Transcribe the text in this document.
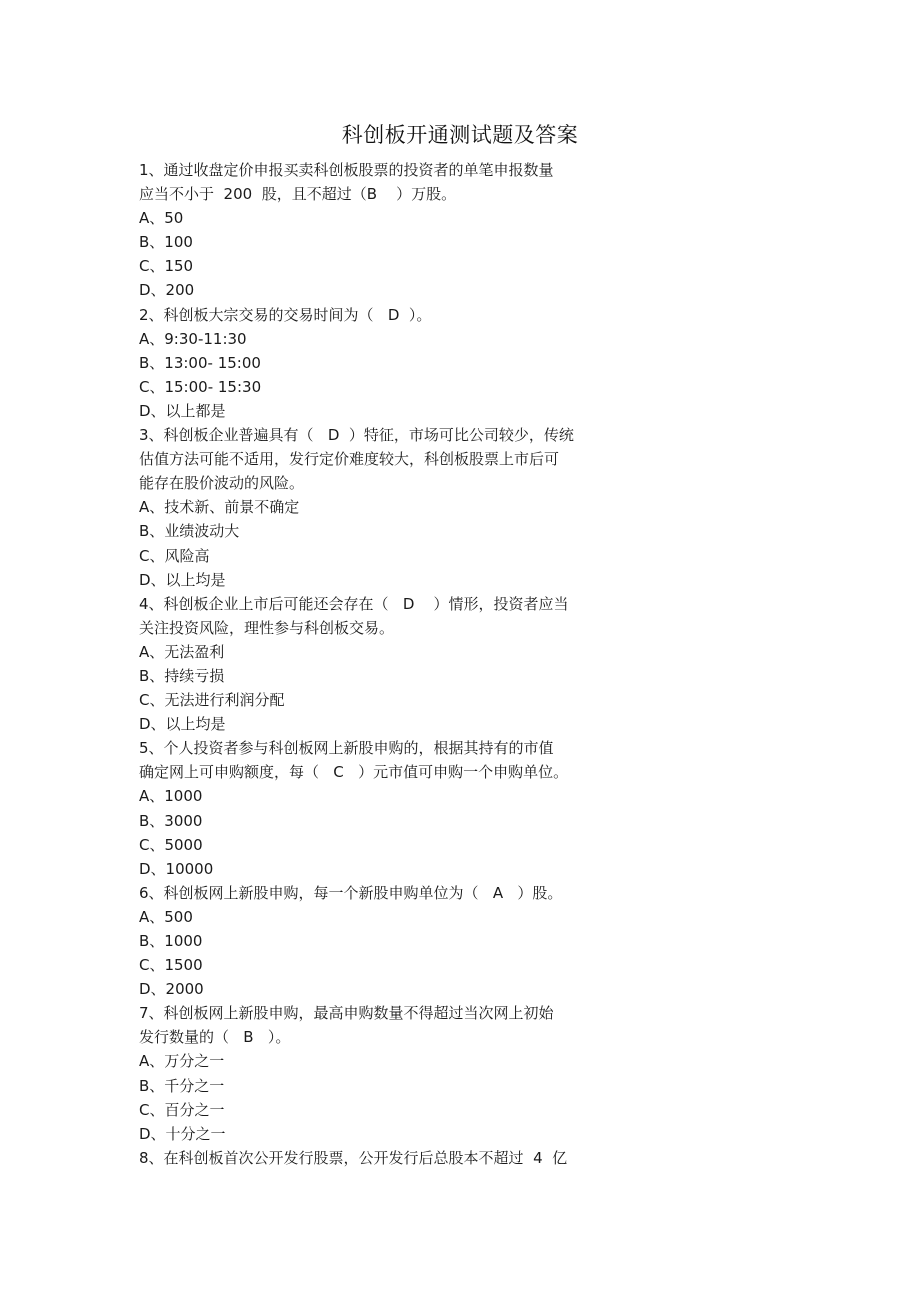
科创板开通测试题及答案
1、通过收盘定价申报买卖科创板股票的投资者的单笔申报数量
应当不小于  200  股，且不超过（B    ）万股。
A、50
B、100
C、150
D、200
2、科创板大宗交易的交易时间为（   D  ）。
A、9:30-11:30
B、13:00- 15:00
C、15:00- 15:30
D、以上都是
3、科创板企业普遍具有（   D  ）特征，市场可比公司较少，传统
估值方法可能不适用，发行定价难度较大，科创板股票上市后可
能存在股价波动的风险。
A、技术新、前景不确定
B、业绩波动大
C、风险高
D、以上均是
4、科创板企业上市后可能还会存在（   D    ）情形，投资者应当
关注投资风险，理性参与科创板交易。
A、无法盈利
B、持续亏损
C、无法进行利润分配
D、以上均是
5、个人投资者参与科创板网上新股申购的，根据其持有的市值
确定网上可申购额度，每（   C   ）元市值可申购一个申购单位。
A、1000
B、3000
C、5000
D、10000
6、科创板网上新股申购，每一个新股申购单位为（   A   ）股。
A、500
B、1000
C、1500
D、2000
7、科创板网上新股申购，最高申购数量不得超过当次网上初始
发行数量的（   B   ）。
A、万分之一
B、千分之一
C、百分之一
D、十分之一
8、在科创板首次公开发行股票，公开发行后总股本不超过  4  亿
